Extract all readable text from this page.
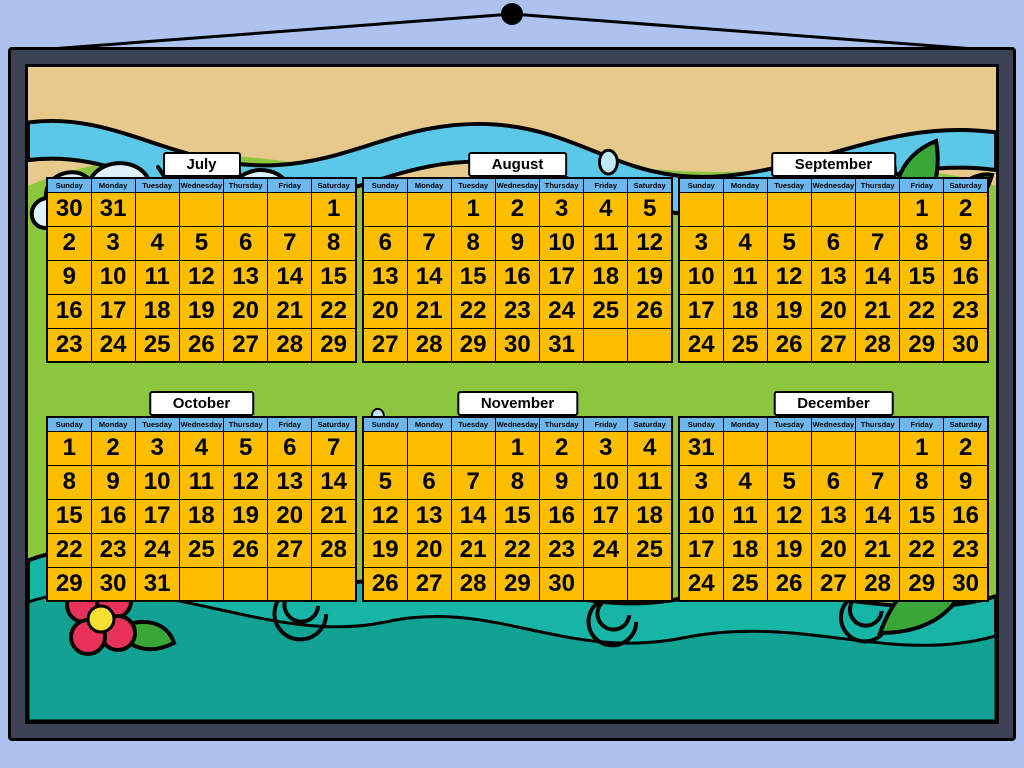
July
Sunday	Monday	Tuesday	Wednesday	Thursday	Friday	Saturday
30	31					1
2	3	4	5	6	7	8
9	10	11	12	13	14	15
16	17	18	19	20	21	22
23	24	25	26	27	28	29
August
Sunday	Monday	Tuesday	Wednesday	Thursday	Friday	Saturday
		1	2	3	4	5
6	7	8	9	10	11	12
13	14	15	16	17	18	19
20	21	22	23	24	25	26
27	28	29	30	31		
September
Sunday	Monday	Tuesday	Wednesday	Thursday	Friday	Saturday
					1	2
3	4	5	6	7	8	9
10	11	12	13	14	15	16
17	18	19	20	21	22	23
24	25	26	27	28	29	30
October
Sunday	Monday	Tuesday	Wednesday	Thursday	Friday	Saturday
1	2	3	4	5	6	7
8	9	10	11	12	13	14
15	16	17	18	19	20	21
22	23	24	25	26	27	28
29	30	31				
November
Sunday	Monday	Tuesday	Wednesday	Thursday	Friday	Saturday
			1	2	3	4
5	6	7	8	9	10	11
12	13	14	15	16	17	18
19	20	21	22	23	24	25
26	27	28	29	30		
December
Sunday	Monday	Tuesday	Wednesday	Thursday	Friday	Saturday
31					1	2
3	4	5	6	7	8	9
10	11	12	13	14	15	16
17	18	19	20	21	22	23
24	25	26	27	28	29	30
